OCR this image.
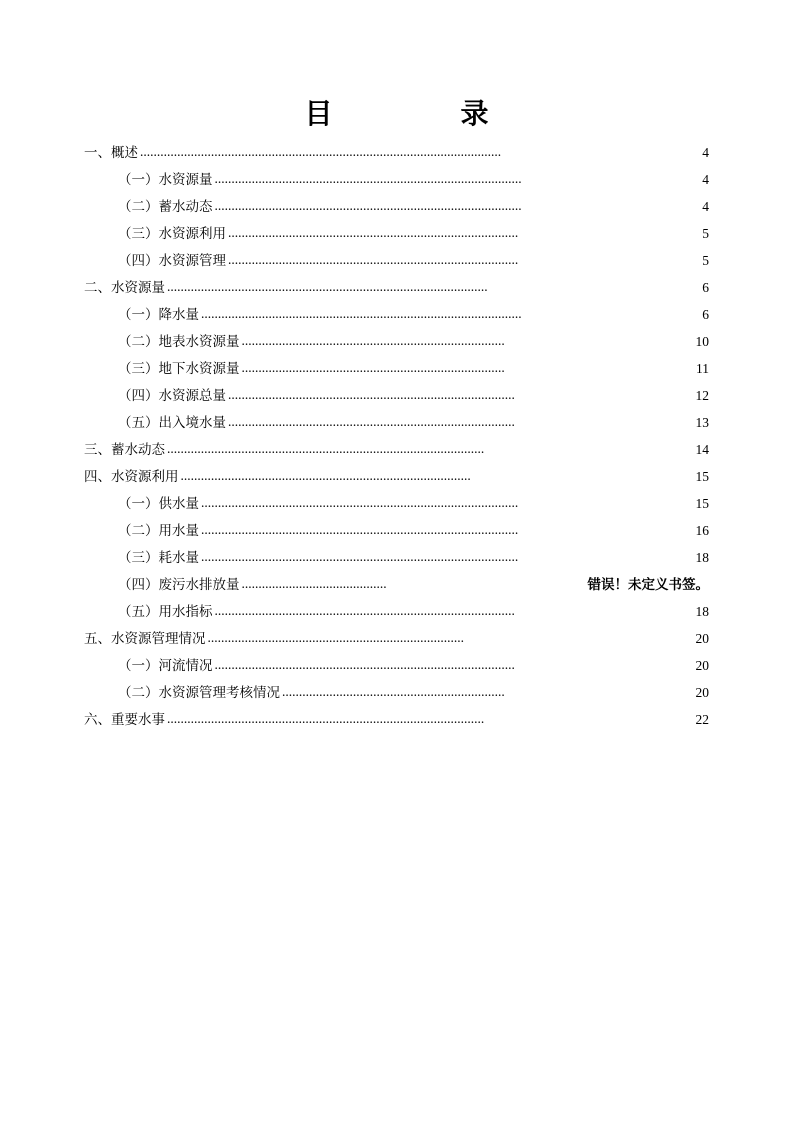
目　　录
一、概述 ...........................................................................................................	4
（一）水资源量 ...........................................................................................	4
（二）蓄水动态 ...........................................................................................	4
（三）水资源利用 ......................................................................................	5
（四）水资源管理 ......................................................................................	5
二、水资源量 ...............................................................................................	6
（一）降水量 ...............................................................................................	6
（二）地表水资源量 ..............................................................................	10
（三）地下水资源量 ..............................................................................	11
（四）水资源总量 .....................................................................................	12
（五）出入境水量 .....................................................................................	13
三、蓄水动态 ..............................................................................................	14
四、水资源利用 ......................................................................................	15
（一）供水量 ..............................................................................................	15
（二）用水量 ..............................................................................................	16
（三）耗水量 ..............................................................................................	18
（四）废污水排放量 ...........................................	错误！未定义书签。
（五）用水指标 .........................................................................................	18
五、水资源管理情况 ............................................................................	20
（一）河流情况 .........................................................................................	20
（二）水资源管理考核情况 ..................................................................	20
六、重要水事 ..............................................................................................	22
